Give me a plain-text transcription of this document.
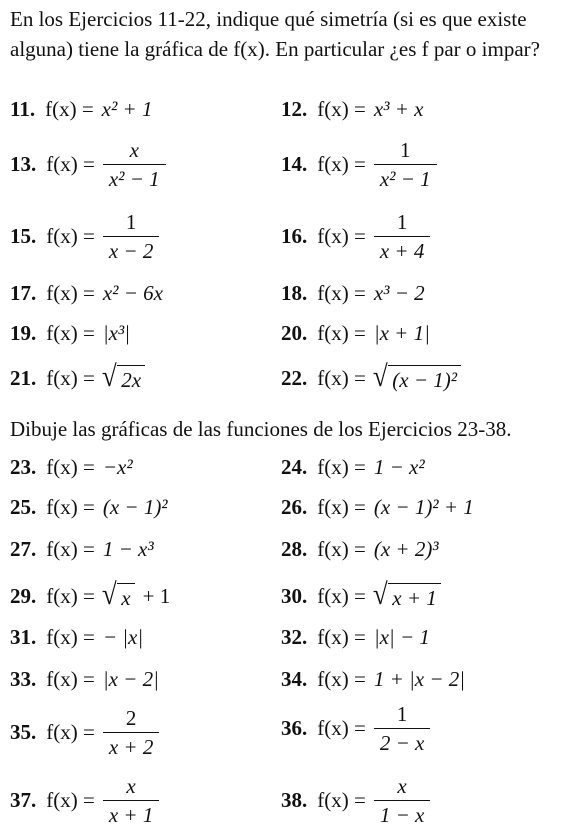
En los Ejercicios 11-22, indique qué simetría (si es que existe alguna) tiene la gráfica de f(x). En particular ¿es f par o impar?
11. f(x) = x² + 1	12. f(x) = x³ + x
13. $f(x) = \frac{x}{\text{x² − 1}}$	14. $f(x) = \frac{1}{\text{x² − 1}}$
15. $f(x) = \frac{1}{x - 2}$	16. $f(x) = \frac{1}{x + 4}$
17. f(x) = x² − 6x	18. f(x) = x³ − 2
19. f(x) = |x³|	20. f(x) = |x + 1|
21. f(x) = √ 2x	22. f(x) = √ (x − 1)²
Dibuje las gráficas de las funciones de los Ejercicios 23-38.
23. f(x) = −x²	24. f(x) = 1 − x²
25. f(x) = (x − 1)²	26. f(x) = (x − 1)² + 1
27. f(x) = 1 − x³	28. f(x) = (x + 2)³
29. f(x) = √ x + 1	30. f(x) = √ x + 1
31. f(x) = − |x|	32. f(x) = |x| − 1
33. f(x) = |x − 2|	34. f(x) = 1 + |x − 2|
35. $f(x) = \frac{2}{x + 2}$	36. $f(x) = \frac{1}{2 - x}$
37. $f(x) = \frac{x}{x + 1}$	38. $f(x) = \frac{x}{1 - x}$
